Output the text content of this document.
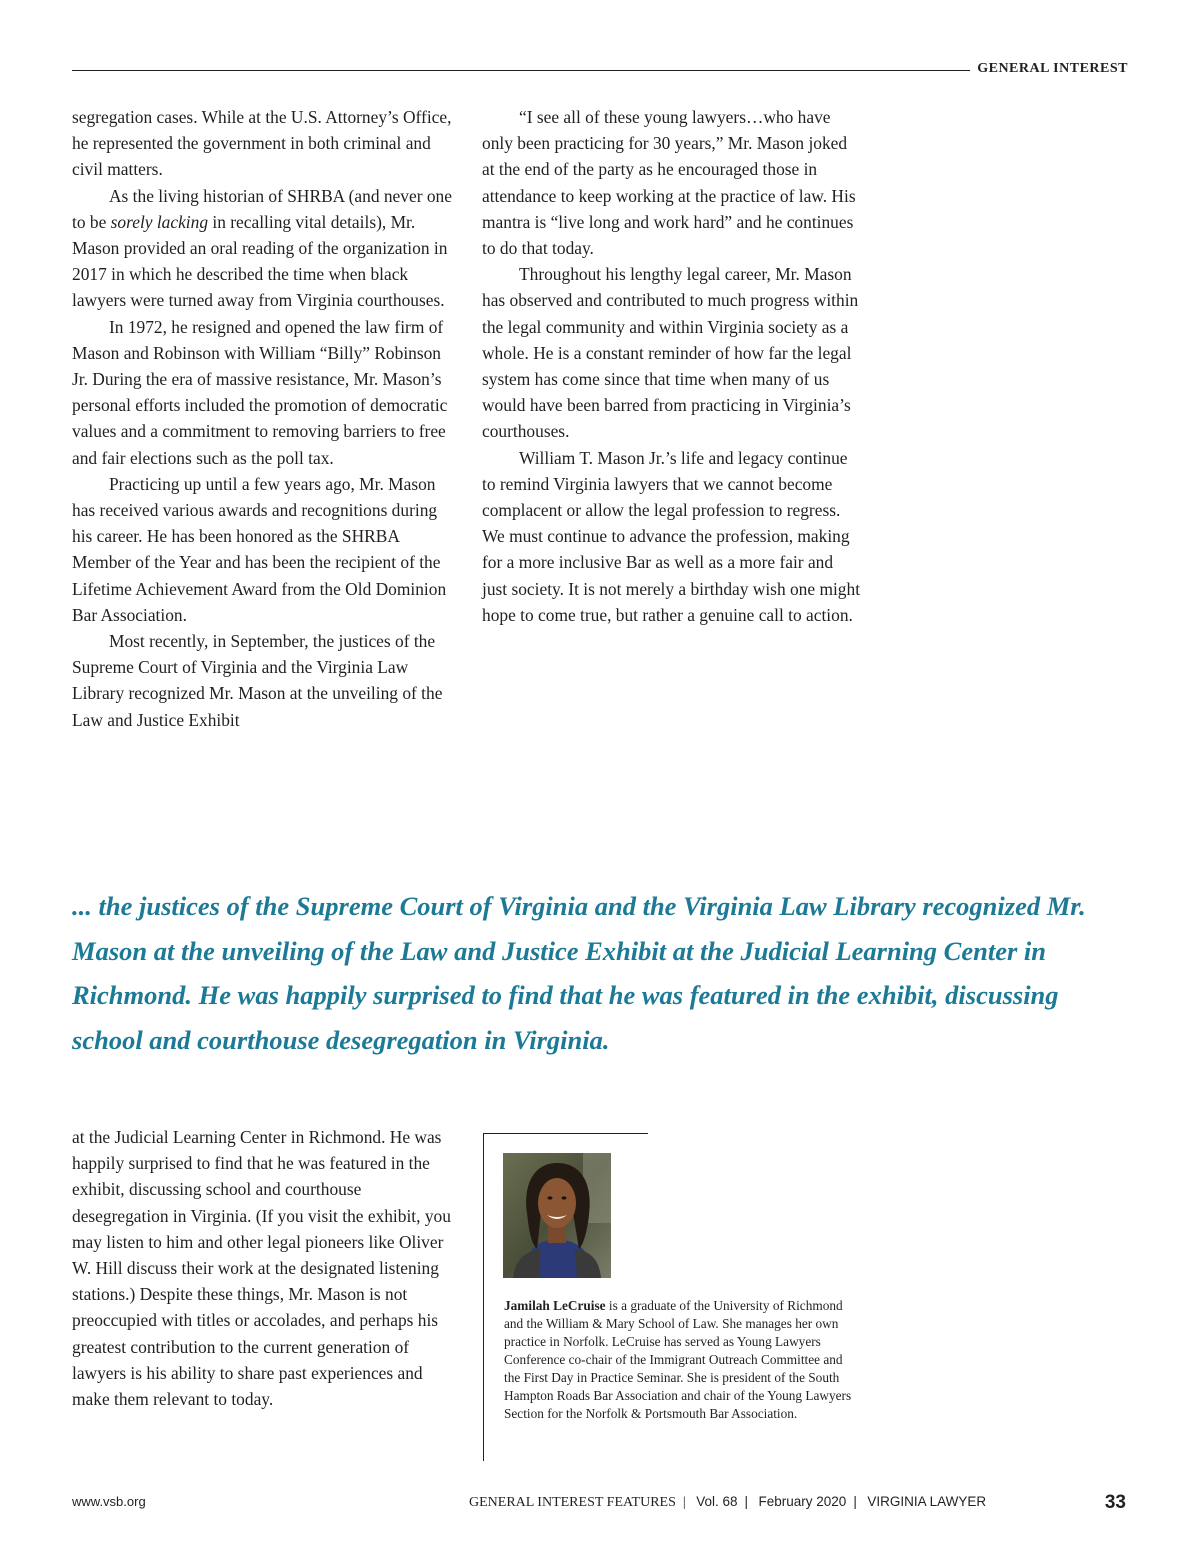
GENERAL INTEREST

segregation cases. While at the U.S. Attorney’s Office, he represented the government in both criminal and civil matters.

As the living historian of SHRBA (and never one to be sorely lacking in recalling vital details), Mr. Mason provided an oral reading of the organization in 2017 in which he described the time when black lawyers were turned away from Virginia courthouses.

In 1972, he resigned and opened the law firm of Mason and Robinson with William “Billy” Robinson Jr. During the era of massive resistance, Mr. Mason’s personal efforts included the promotion of democratic values and a commitment to removing barriers to free and fair elections such as the poll tax.

Practicing up until a few years ago, Mr. Mason has received various awards and recognitions during his career. He has been honored as the SHRBA Member of the Year and has been the recipient of the Lifetime Achievement Award from the Old Dominion Bar Association.

Most recently, in September, the justices of the Supreme Court of Virginia and the Virginia Law Library recognized Mr. Mason at the unveiling of the Law and Justice Exhibit

“I see all of these young lawyers…who have only been practicing for 30 years,” Mr. Mason joked at the end of the party as he encouraged those in attendance to keep working at the practice of law. His mantra is “live long and work hard” and he continues to do that today.

Throughout his lengthy legal career, Mr. Mason has observed and contributed to much progress within the legal community and within Virginia society as a whole. He is a constant reminder of how far the legal system has come since that time when many of us would have been barred from practicing in Virginia’s courthouses.

William T. Mason Jr.’s life and legacy continue to remind Virginia lawyers that we cannot become complacent or allow the legal profession to regress. We must continue to advance the profession, making for a more inclusive Bar as well as a more fair and just society. It is not merely a birthday wish one might hope to come true, but rather a genuine call to action.

... the justices of the Supreme Court of Virginia and the Virginia Law Library recognized Mr. Mason at the unveiling of the Law and Justice Exhibit at the Judicial Learning Center in Richmond. He was happily surprised to find that he was featured in the exhibit, discussing school and courthouse desegregation in Virginia.

at the Judicial Learning Center in Richmond. He was happily surprised to find that he was featured in the exhibit, discussing school and courthouse desegregation in Virginia. (If you visit the exhibit, you may listen to him and other legal pioneers like Oliver W. Hill discuss their work at the designated listening stations.) Despite these things, Mr. Mason is not preoccupied with titles or accolades, and perhaps his greatest contribution to the current generation of lawyers is his ability to share past experiences and make them relevant to today.

Jamilah LeCruise is a graduate of the University of Richmond and the William & Mary School of Law. She manages her own practice in Norfolk. LeCruise has served as Young Lawyers Conference co-chair of the Immigrant Outreach Committee and the First Day in Practice Seminar. She is president of the South Hampton Roads Bar Association and chair of the Young Lawyers Section for the Norfolk & Portsmouth Bar Association.
www.vsb.org	GENERAL INTEREST FEATURES | Vol. 68 | February 2020 | VIRGINIA LAWYER	33
